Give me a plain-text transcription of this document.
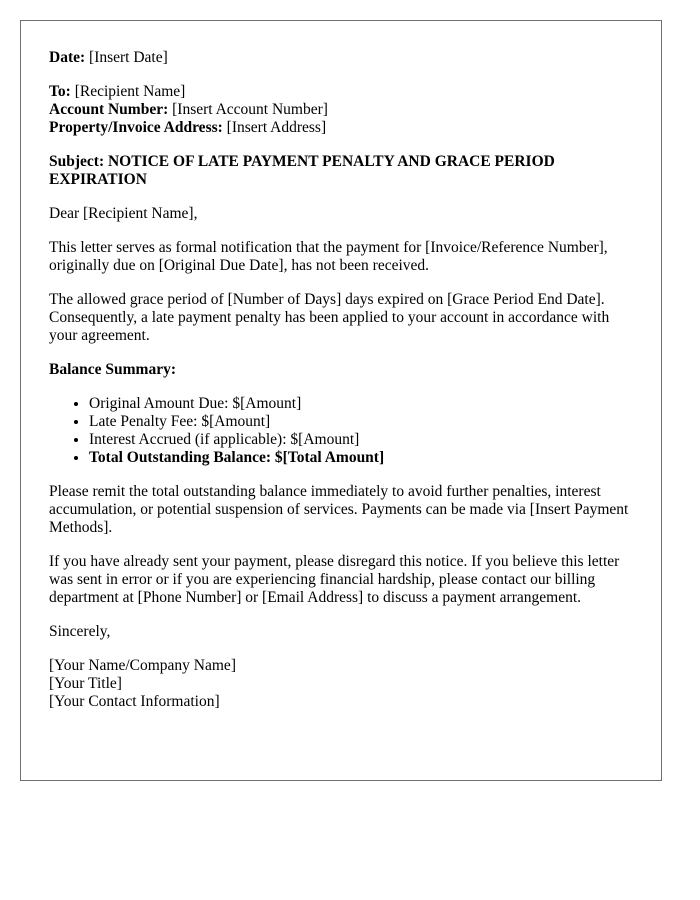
Date: [Insert Date]
To: [Recipient Name]
Account Number: [Insert Account Number]
Property/Invoice Address: [Insert Address]

Subject: NOTICE OF LATE PAYMENT PENALTY AND GRACE PERIOD EXPIRATION

Dear [Recipient Name],

This letter serves as formal notification that the payment for [Invoice/Reference Number], originally due on [Original Due Date], has not been received.

The allowed grace period of [Number of Days] days expired on [Grace Period End Date]. Consequently, a late payment penalty has been applied to your account in accordance with your agreement.

Balance Summary:

• Original Amount Due: $[Amount]
• Late Penalty Fee: $[Amount]
• Interest Accrued (if applicable): $[Amount]
• Total Outstanding Balance: $[Total Amount]

Please remit the total outstanding balance immediately to avoid further penalties, interest accumulation, or potential suspension of services. Payments can be made via [Insert Payment Methods].

If you have already sent your payment, please disregard this notice. If you believe this letter was sent in error or if you are experiencing financial hardship, please contact our billing department at [Phone Number] or [Email Address] to discuss a payment arrangement.

Sincerely,

[Your Name/Company Name]
[Your Title]
[Your Contact Information]
